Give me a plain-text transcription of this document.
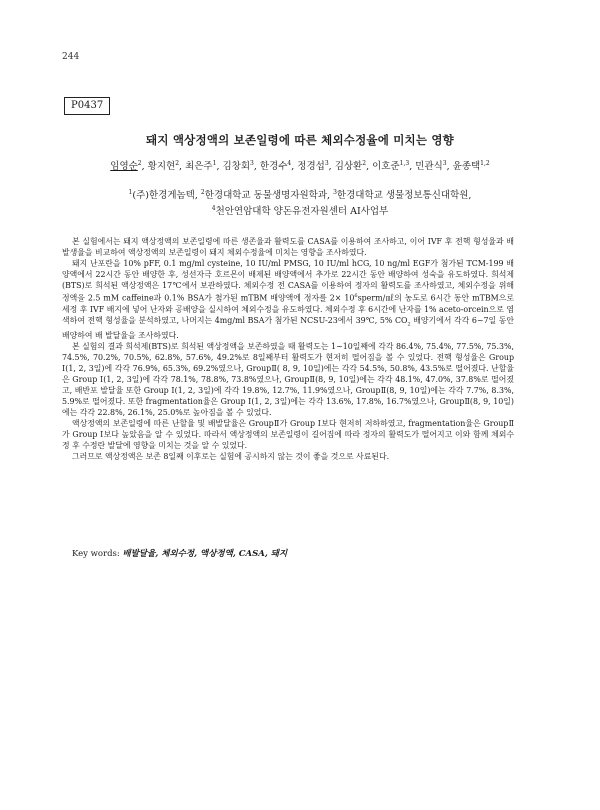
244
P0437
돼지 액상정액의 보존일령에 따른 체외수정율에 미치는 영향
임영순$^2$, 황지현$^2$, 최은주$^1$, 김창회$^3$, 한경수$^4$, 정경섭$^3$, 김상환$^2$, 이호준$^{1,3}$, 민관식$^3$, 윤종택$^{1,2}$
$^1$(주)한경게놈텍, $^2$한경대학교 동물생명자원학과, $^3$한경대학교 생물정보통신대학원,
$^4$천안연암대학 양돈유전자원센터 AI사업부

본 실험에서는 돼지 액상정액의 보존일령에 따른 생존율과 활력도를 CASA를 이용하여 조사하고, 이어 IVF 후 전핵 형성율과 배 발생율을 비교하여 액상정액의 보존일령이 돼지 체외수정율에 미치는 영향을 조사하였다.

돼지 난포란을 10% pFF, 0.1 mg/ml cysteine, 10 IU/ml PMSG, 10 IU/ml hCG, 10 ng/ml EGF가 첨가된 TCM-199 배양액에서 22시간 동안 배양한 후, 성선자극 호르몬이 배제된 배양액에서 추가로 22시간 동안 배양하여 성숙을 유도하였다. 희석제(BTS)로 희석된 액상정액은 17℃에서 보관하였다. 체외수정 전 CASA를 이용하여 정자의 활력도를 조사하였고, 체외수정을 위해 정액을 2.5 mM caffeine과 0.1% BSA가 첨가된 mTBM 배양액에 정자를 $2\times 10^6sperm/㎖$의 농도로 6시간 동안 mTBM으로 세정 후 IVF 배지에 넣어 난자와 공배양을 실시하여 체외수정을 유도하였다. 체외수정 후 6시간에 난자를 1% aceto-orcein으로 염색하여 전핵 형성율을 분석하였고, 나머지는 4mg/ml BSA가 첨가된 NCSU-23에서 39℃, 5% $CO_2$ 배양기에서 각각 6~7일 동안 배양하여 배 발달율을 조사하였다.

본 실험의 결과 희석제(BTS)로 희석된 액상정액을 보존하였을 때 활력도는 1~10일째에 각각 86.4%, 75.4%, 77.5%, 75.3%, 74.5%, 70.2%, 70.5%, 62.8%, 57.6%, 49.2%로 8일째부터 활력도가 현저히 떨어짐을 볼 수 있었다. 전핵 형성율은 Group Ⅰ(1, 2, 3일)에 각각 76.9%, 65.3%, 69.2%였으나, GroupⅡ( 8, 9, 10일)에는 각각 54.5%, 50.8%, 43.5%로 떨어졌다. 난할율은 Group Ⅰ(1, 2, 3일)에 각각 78.1%, 78.8%, 73.8%였으나, GroupⅡ(8, 9, 10일)에는 각각 48.1%, 47.0%, 37.8%로 떨어졌고, 배반포 발달율 또한 Group Ⅰ(1, 2, 3일)에 각각 19.8%, 12.7%, 11.9%였으나, GroupⅡ(8, 9, 10일)에는 각각 7.7%, 8.3%, 5.9%로 떨어졌다. 또한 fragmentation율은 Group Ⅰ(1, 2, 3일)에는 각각 13.6%, 17.8%, 16.7%였으나, GroupⅡ(8, 9, 10일)에는 각각 22.8%, 26.1%, 25.0%로 높아짐을 볼 수 있었다.

액상정액의 보존일령에 따른 난할율 및 배발달율은 GroupⅡ가 Group Ⅰ보다 현저히 저하하였고, fragmentation율은 GroupⅡ가 Group Ⅰ보다 높았음을 알 수 있었다. 따라서 액상정액의 보존일령이 길어짐에 따라 정자의 활력도가 떨어지고 이와 함께 체외수정 후 수정란 발달에 영향을 미치는 것을 알 수 있었다.

그러므로 액상정액은 보존 8일째 이후로는 실험에 공시하지 않는 것이 좋을 것으로 사료된다.

Key words: 배발달율, 체외수정, 액상정액, CASA, 돼지
